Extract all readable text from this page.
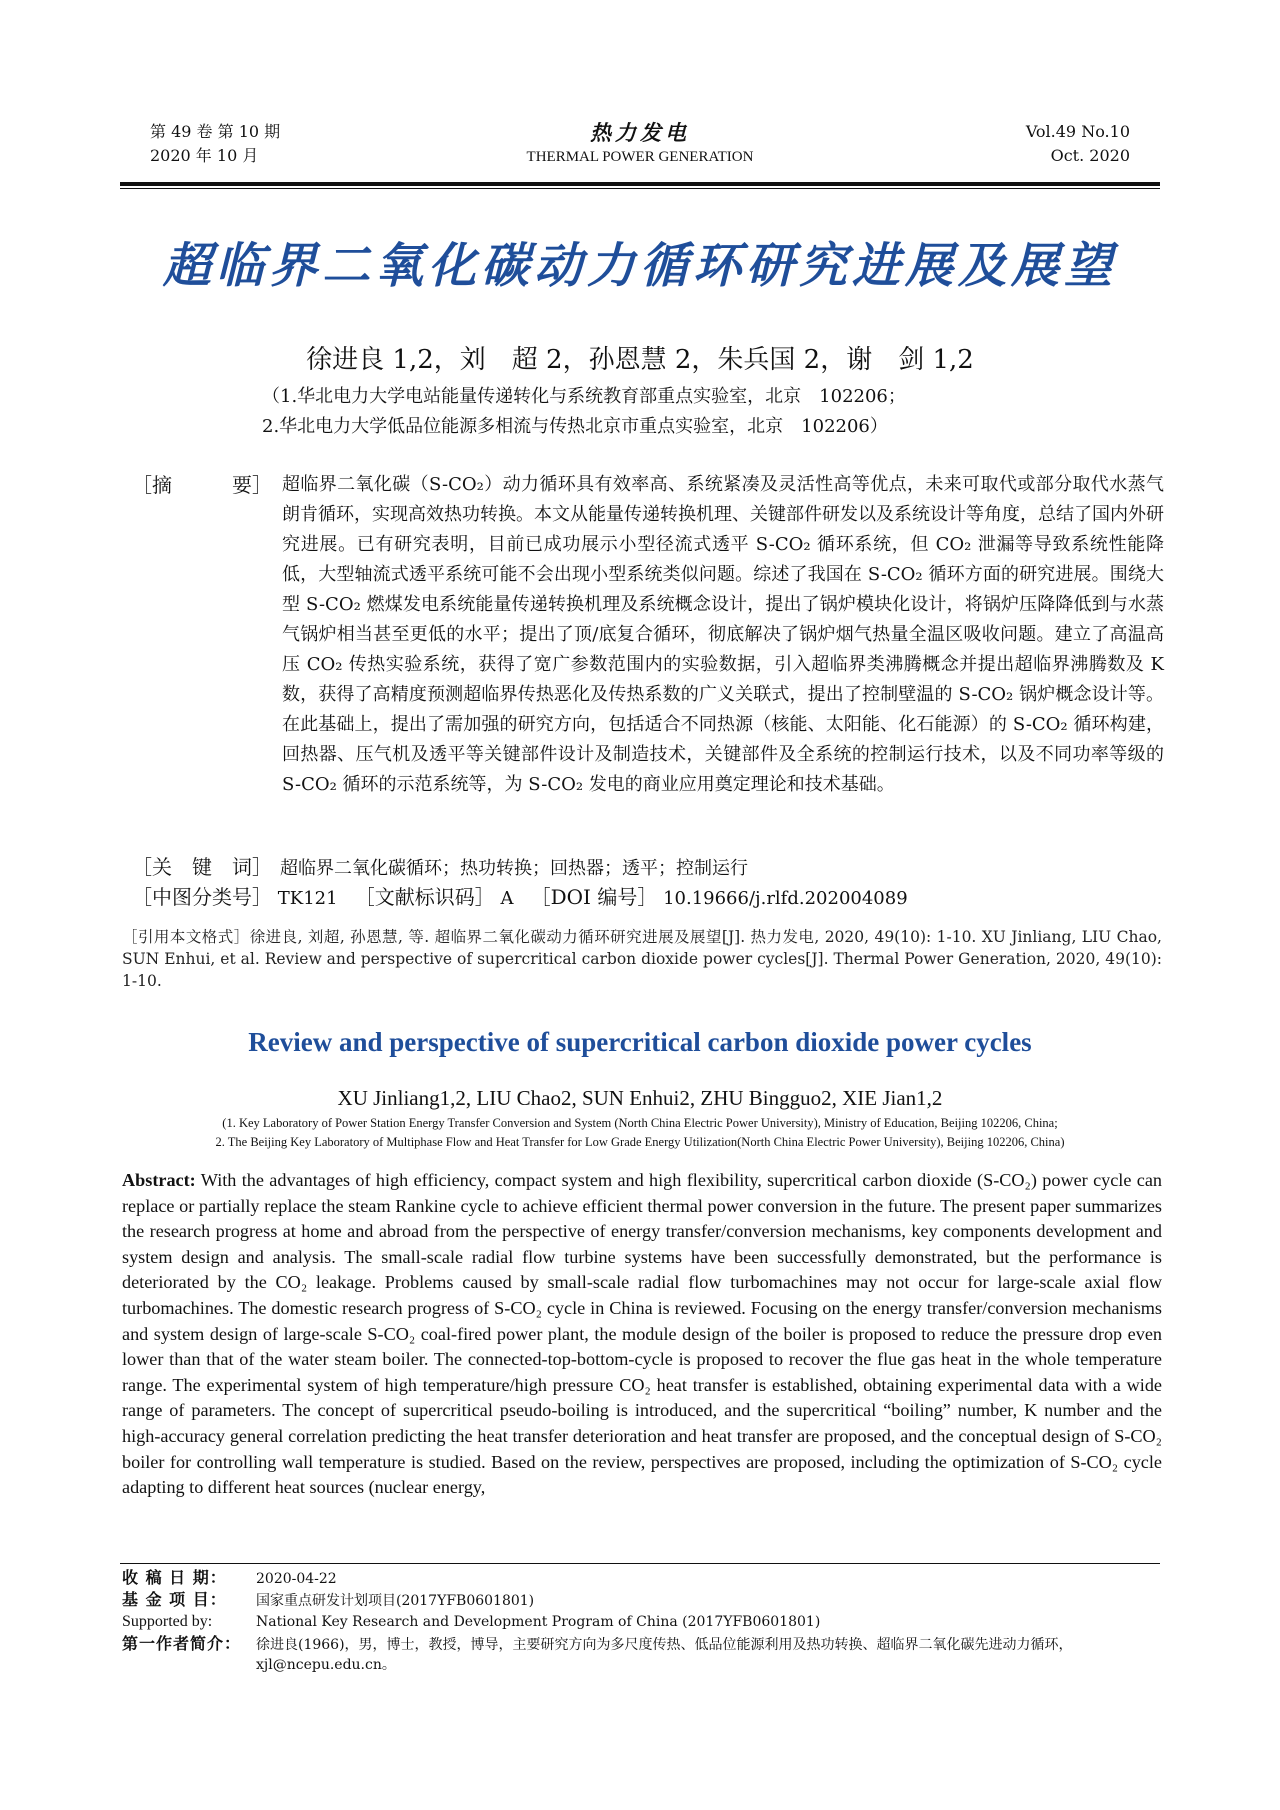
第 49 卷 第 10 期
2020 年 10 月
热力发电
THERMAL POWER GENERATION
Vol.49 No.10
Oct. 2020
超临界二氧化碳动力循环研究进展及展望
徐进良 1,2，刘　超 2，孙恩慧 2，朱兵国 2，谢　剑 1,2
（1.华北电力大学电站能量传递转化与系统教育部重点实验室，北京　102206；
2.华北电力大学低品位能源多相流与传热北京市重点实验室，北京　102206）
［摘　　　要］ 超临界二氧化碳（S-CO₂）动力循环具有效率高、系统紧凑及灵活性高等优点，未来可取代或部分取代水蒸气朗肯循环，实现高效热功转换。本文从能量传递转换机理、关键部件研发以及系统设计等角度，总结了国内外研究进展。已有研究表明，目前已成功展示小型径流式透平 S-CO₂ 循环系统，但 CO₂ 泄漏等导致系统性能降低，大型轴流式透平系统可能不会出现小型系统类似问题。综述了我国在 S-CO₂ 循环方面的研究进展。围绕大型 S-CO₂ 燃煤发电系统能量传递转换机理及系统概念设计，提出了锅炉模块化设计，将锅炉压降降低到与水蒸气锅炉相当甚至更低的水平；提出了顶/底复合循环，彻底解决了锅炉烟气热量全温区吸收问题。建立了高温高压 CO₂ 传热实验系统，获得了宽广参数范围内的实验数据，引入超临界类沸腾概念并提出超临界沸腾数及 K 数，获得了高精度预测超临界传热恶化及传热系数的广义关联式，提出了控制壁温的 S-CO₂ 锅炉概念设计等。在此基础上，提出了需加强的研究方向，包括适合不同热源（核能、太阳能、化石能源）的 S-CO₂ 循环构建，回热器、压气机及透平等关键部件设计及制造技术，关键部件及全系统的控制运行技术，以及不同功率等级的 S-CO₂ 循环的示范系统等，为 S-CO₂ 发电的商业应用奠定理论和技术基础。
［关　键　词］ 超临界二氧化碳循环；热功转换；回热器；透平；控制运行
［中图分类号］ TK121 ［文献标识码］ A ［DOI 编号］ 10.19666/j.rlfd.202004089
［引用本文格式］徐进良, 刘超, 孙恩慧, 等. 超临界二氧化碳动力循环研究进展及展望[J]. 热力发电, 2020, 49(10): 1-10. XU Jinliang, LIU Chao, SUN Enhui, et al. Review and perspective of supercritical carbon dioxide power cycles[J]. Thermal Power Generation, 2020, 49(10): 1-10.
Review and perspective of supercritical carbon dioxide power cycles
XU Jinliang1,2, LIU Chao2, SUN Enhui2, ZHU Bingguo2, XIE Jian1,2
(1. Key Laboratory of Power Station Energy Transfer Conversion and System (North China Electric Power University), Ministry of Education, Beijing 102206, China;
2. The Beijing Key Laboratory of Multiphase Flow and Heat Transfer for Low Grade Energy Utilization(North China Electric Power University), Beijing 102206, China)
Abstract: With the advantages of high efficiency, compact system and high flexibility, supercritical carbon dioxide (S-CO₂) power cycle can replace or partially replace the steam Rankine cycle to achieve efficient thermal power conversion in the future. The present paper summarizes the research progress at home and abroad from the perspective of energy transfer/conversion mechanisms, key components development and system design and analysis. The small-scale radial flow turbine systems have been successfully demonstrated, but the performance is deteriorated by the CO₂ leakage. Problems caused by small-scale radial flow turbomachines may not occur for large-scale axial flow turbomachines. The domestic research progress of S-CO₂ cycle in China is reviewed. Focusing on the energy transfer/conversion mechanisms and system design of large-scale S-CO₂ coal-fired power plant, the module design of the boiler is proposed to reduce the pressure drop even lower than that of the water steam boiler. The connected-top-bottom-cycle is proposed to recover the flue gas heat in the whole temperature range. The experimental system of high temperature/high pressure CO₂ heat transfer is established, obtaining experimental data with a wide range of parameters. The concept of supercritical pseudo-boiling is introduced, and the supercritical “boiling” number, K number and the high-accuracy general correlation predicting the heat transfer deterioration and heat transfer are proposed, and the conceptual design of S-CO₂ boiler for controlling wall temperature is studied. Based on the review, perspectives are proposed, including the optimization of S-CO₂ cycle adapting to different heat sources (nuclear energy,
收 稿 日 期： 2020-04-22
基 金 项 目： 国家重点研发计划项目(2017YFB0601801)
Supported by:	National Key Research and Development Program of China (2017YFB0601801)
第一作者简介： 徐进良(1966)，男，博士，教授，博导，主要研究方向为多尺度传热、低品位能源利用及热功转换、超临界二氧化碳先进动力循环，
xjl@ncepu.edu.cn。
